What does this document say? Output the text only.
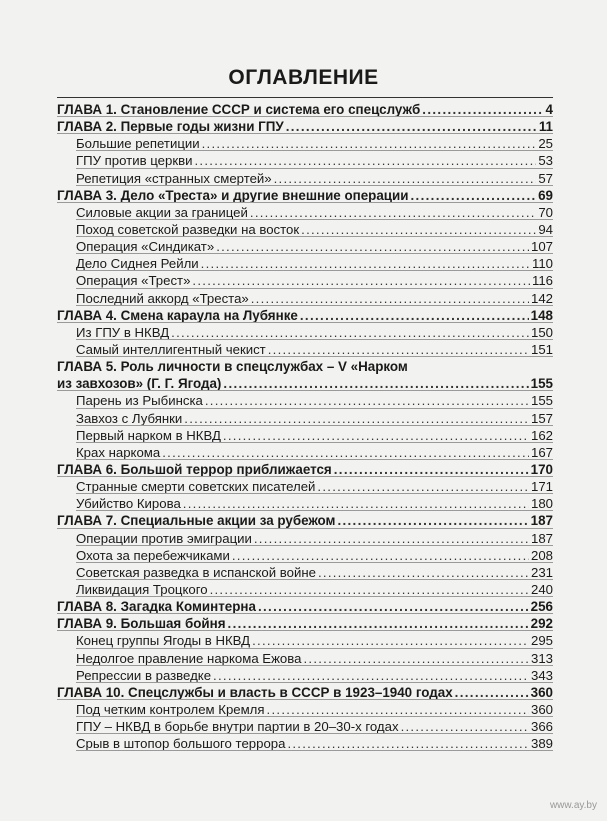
ОГЛАВЛЕНИЕ
ГЛАВА 1. Становление СССР и система его спецслужб . . .	4
ГЛАВА 2. Первые годы жизни ГПУ . . .	11
Большие репетиции . . .	25
ГПУ против церкви . . .	53
Репетиция «странных смертей» . . .	57
ГЛАВА 3. Дело «Треста» и другие внешние операции . . .	69
Силовые акции за границей . . .	70
Поход советской разведки на восток . . .	94
Операция «Синдикат» . . .	107
Дело Сиднея Рейли . . .	110
Операция «Трест» . . .	116
Последний аккорд «Треста» . . .	142
ГЛАВА 4. Смена караула на Лубянке . . .	148
Из ГПУ в НКВД . . .	150
Самый интеллигентный чекист . . .	151
ГЛАВА 5. Роль личности в спецслужбах – V «Нарком
из завхозов» (Г. Г. Ягода) . . .	155
Парень из Рыбинска . . .	155
Завхоз с Лубянки . . .	157
Первый нарком в НКВД . . .	162
Крах наркома . . .	167
ГЛАВА 6. Большой террор приближается . . .	170
Странные смерти советских писателей . . .	171
Убийство Кирова . . .	180
ГЛАВА 7. Специальные акции за рубежом . . .	187
Операции против эмиграции . . .	187
Охота за перебежчиками . . .	208
Советская разведка в испанской войне . . .	231
Ликвидация Троцкого . . .	240
ГЛАВА 8. Загадка Коминтерна . . .	256
ГЛАВА 9. Большая бойня . . .	292
Конец группы Ягоды в НКВД . . .	295
Недолгое правление наркома Ежова . . .	313
Репрессии в разведке . . .	343
ГЛАВА 10. Спецслужбы и власть в СССР в 1923–1940 годах . . .	360
Под четким контролем Кремля . . .	360
ГПУ – НКВД в борьбе внутри партии в 20–30-х годах . . .	366
Срыв в штопор большого террора . . .	389
www.ay.by
